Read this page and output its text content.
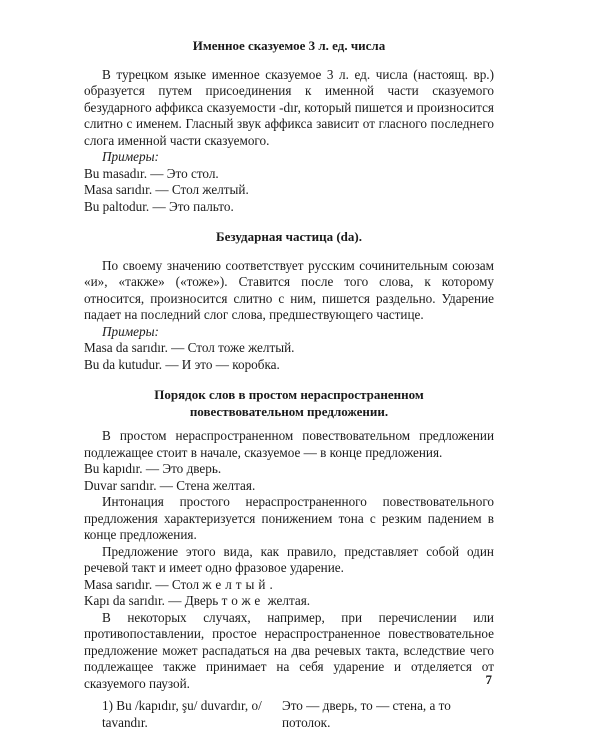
Именное сказуемое 3 л. ед. числа

В турецком языке именное сказуемое 3 л. ед. числа (настоящ. вр.) образуется путем присоединения к именной части сказуемого безударного аффикса сказуемости -dır, который пишется и произносится слитно с именем. Гласный звук аффикса зависит от гласного последнего слога именной части сказуемого.

Примеры:

Bu masadır. — Это стол.

Masa sarıdır. — Стол желтый.

Bu paltodur. — Это пальто.

Безударная частица (da).

По своему значению соответствует русским сочинительным союзам «и», «также» («тоже»). Ставится после того слова, к которому относится, произносится слитно с ним, пишется раздельно. Ударение падает на последний слог слова, предшествующего частице.

Примеры:

Masa da sarıdır. — Стол тоже желтый.

Bu da kutudur. — И это — коробка.

Порядок слов в простом нераспространенном

повествовательном предложении.

В простом нераспространенном повествовательном предложении подлежащее стоит в начале, сказуемое — в конце предложения.

Bu kapıdır. — Это дверь.

Duvar sarıdır. — Стена желтая.

Интонация простого нераспространенного повествовательного предложения характеризуется понижением тона с резким падением в конце предложения.

Предложение этого вида, как правило, представляет собой один речевой такт и имеет одно фразовое ударение.

Masa sarıdır. — Стол желтый.

Kapı da sarıdır. — Дверь тоже желтая.

В некоторых случаях, например, при перечислении или противопоставлении, простое нераспространенное повествовательное предложение может распадаться на два речевых такта, вследствие чего подлежащее также принимает на себя ударение и отделяется от сказуемого паузой.

1) Bu /kapıdır, şu/ duvardır, o/ tavandır.
Это — дверь, то — стена, а то потолок.
7
